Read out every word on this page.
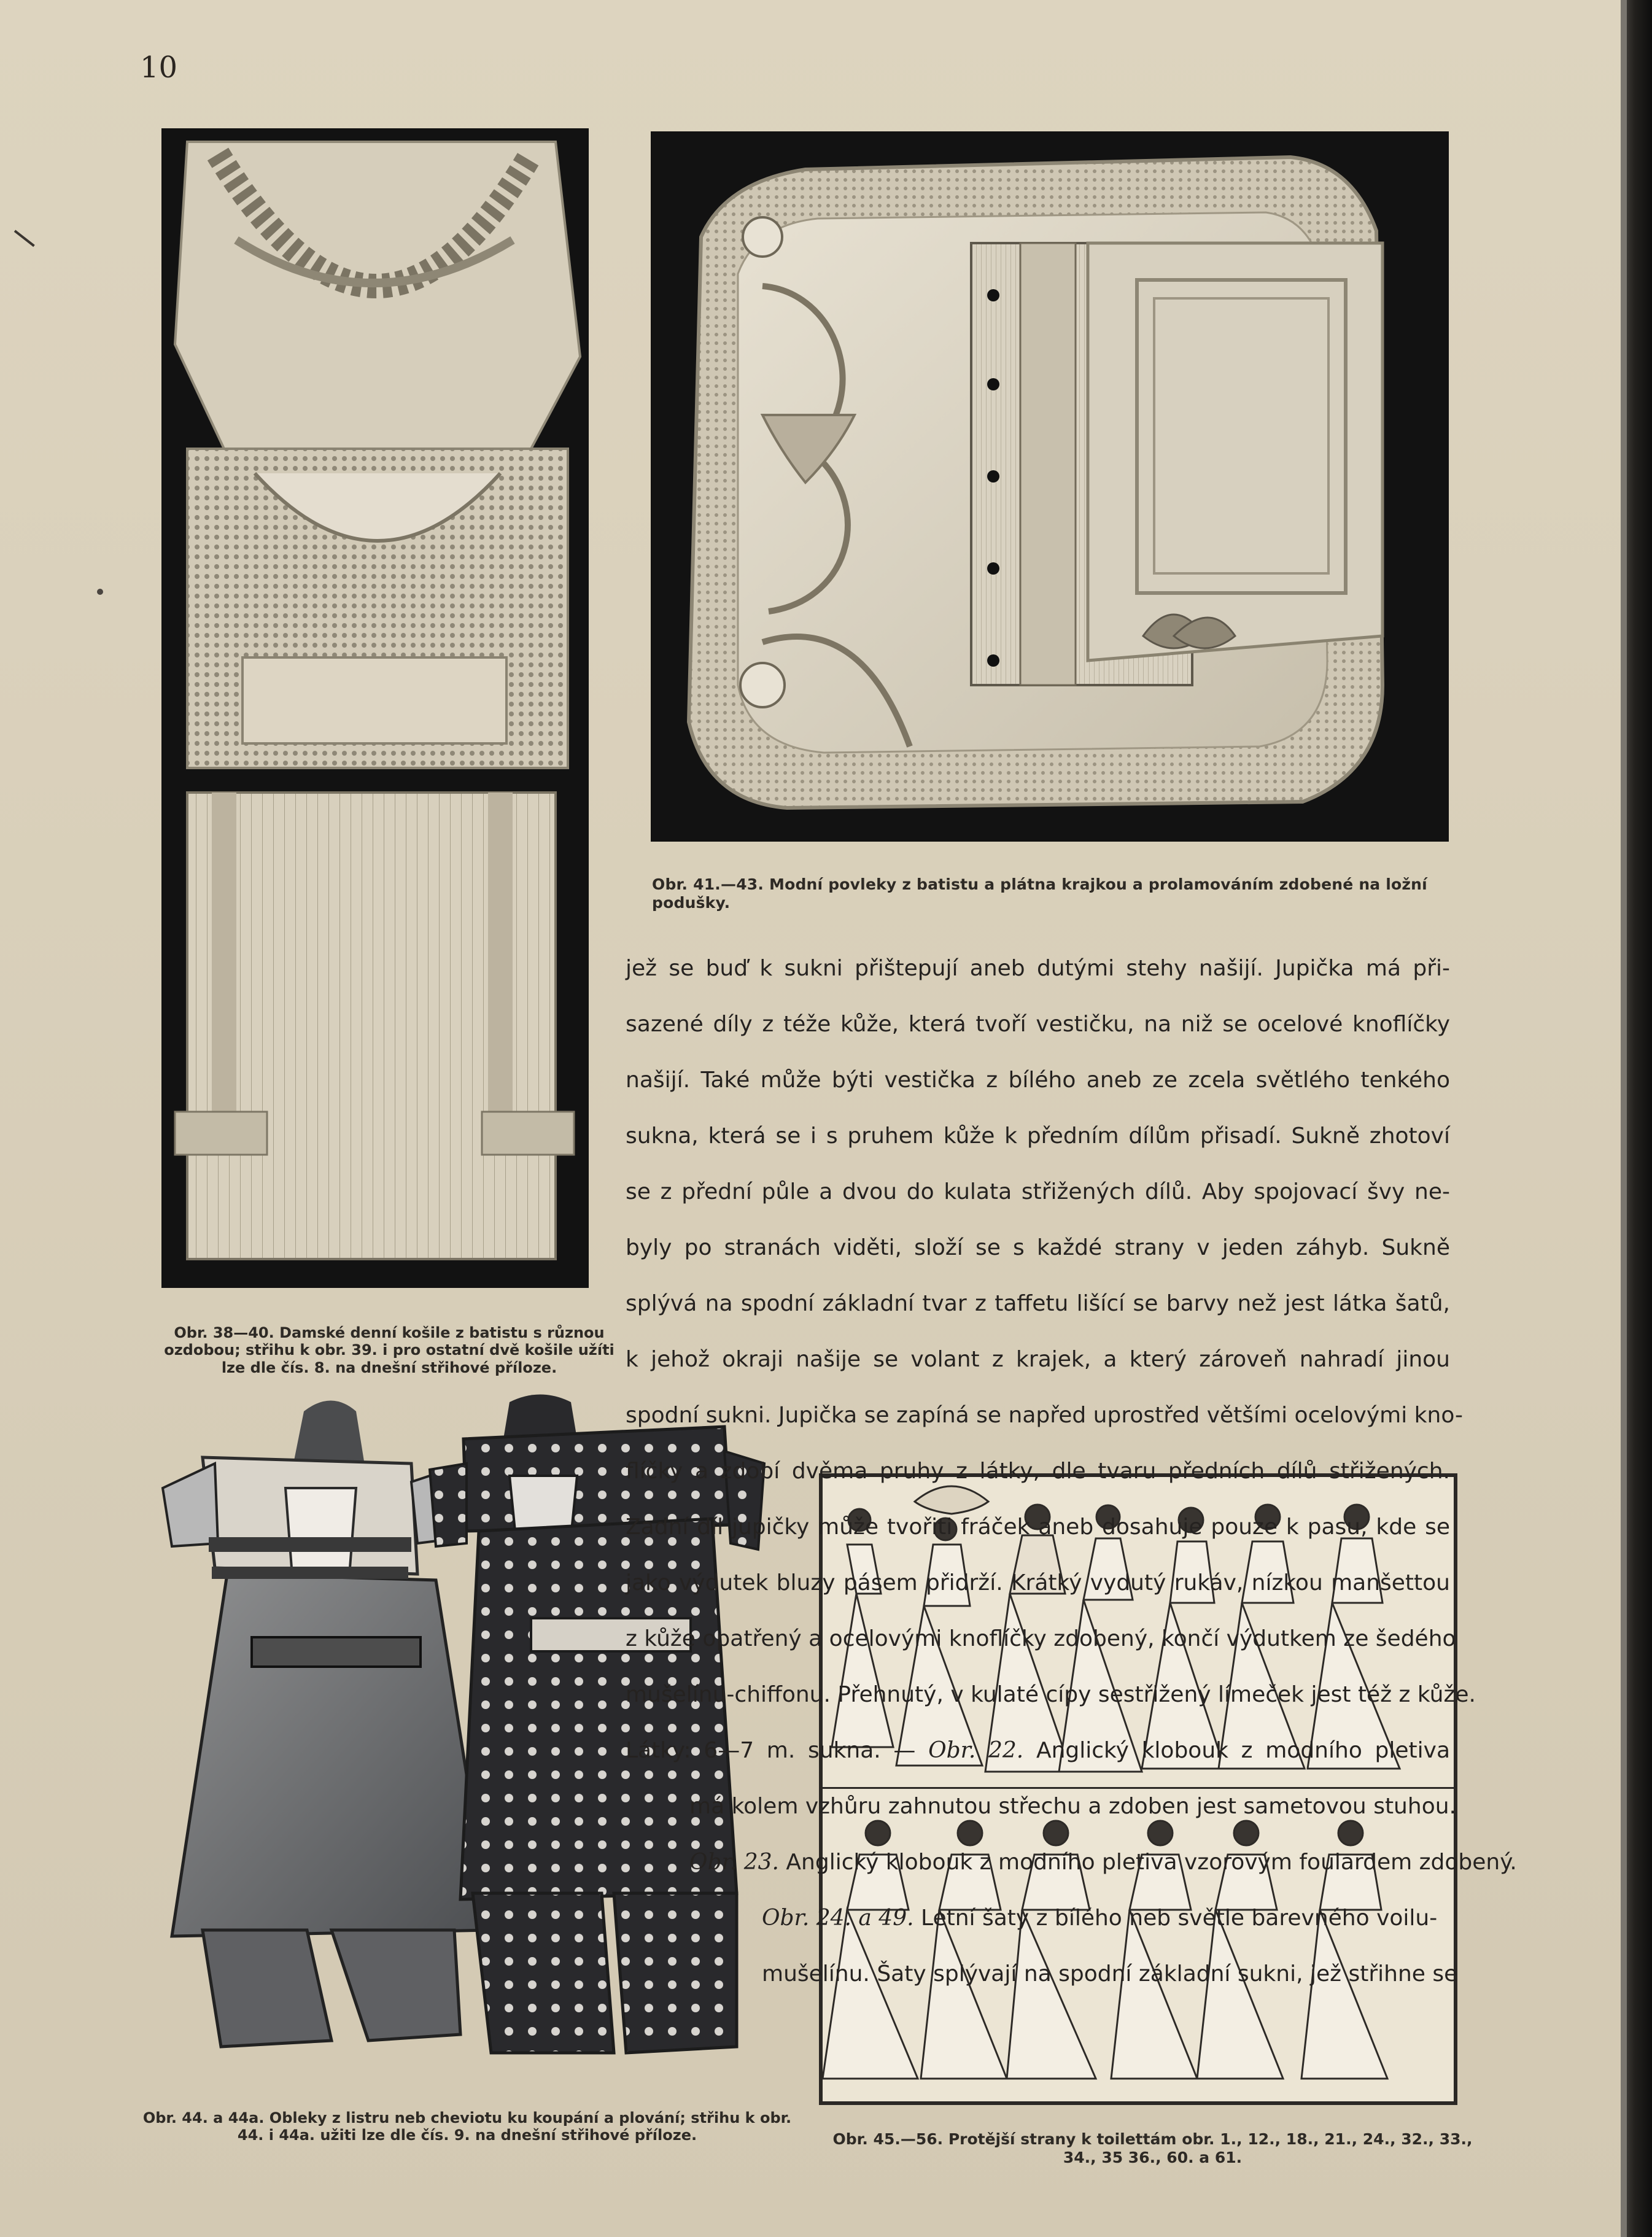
10
Obr. 41.—43. Modní povleky z batistu a plátna krajkou a prolamováním zdobené na ložní podušky.
Obr. 38—40. Damské denní košile z batistu s různou ozdobou; střihu k obr. 39. i pro ostatní dvě košile užíti lze dle čís. 8. na dnešní střihové příloze.
Obr. 44. a 44a. Obleky z listru neb cheviotu ku koupání a plování; střihu k obr. 44. i 44a. užiti lze dle čís. 9. na dnešní střihové příloze.	Obr. 45.—56. Protější strany k toilettám obr. 1., 12., 18., 21., 24., 32., 33., 34., 35 36., 60. a 61.

jež se buď k sukni přištepují aneb dutými stehy našijí. Jupička má při-

sazené díly z téže kůže, která tvoří vestičku, na niž se ocelové knoflíčky

našijí. Také může býti vestička z bílého aneb ze zcela světlého tenkého

sukna, která se i s pruhem kůže k předním dílům přisadí. Sukně zhotoví

se z přední půle a dvou do kulata střižených dílů. Aby spojovací švy ne-

byly po stranách viděti, složí se s každé strany v jeden záhyb. Sukně

splývá na spodní základní tvar z taffetu lišící se barvy než jest látka šatů,

k jehož okraji našije se volant z krajek, a který zároveň nahradí jinou

spodní sukni. Jupička se zapíná se napřed uprostřed většími ocelovými kno-

flíčky a zdobí dvěma pruhy z látky, dle tvaru předních dílů střižených.

Zadní díl jupičky může tvořiti fráček aneb dosahuje pouze k pasu, kde se

jako výdutek bluzy pásem přidrží. Krátký vydutý rukáv, nízkou manšettou

z kůže opatřený a ocelovými knoflíčky zdobený, končí výdutkem ze šedého

mušelínu-chiffonu. Přehnutý, v kulaté cípy sestřižený límeček jest též z kůže.

Látky: 6—7 m. sukna. — Obr. 22. Anglický klobouk z modního pletiva

má kolem vzhůru zahnutou střechu a zdoben jest sametovou stuhou.

Obr. 23. Anglický klobouk z modního pletiva vzorovým foulardem zdobený.

Obr. 24. a 49. Letní šaty z bílého neb světle barevného voilu-

mušelínu. Šaty splývají na spodní základní sukni, jež střihne se
